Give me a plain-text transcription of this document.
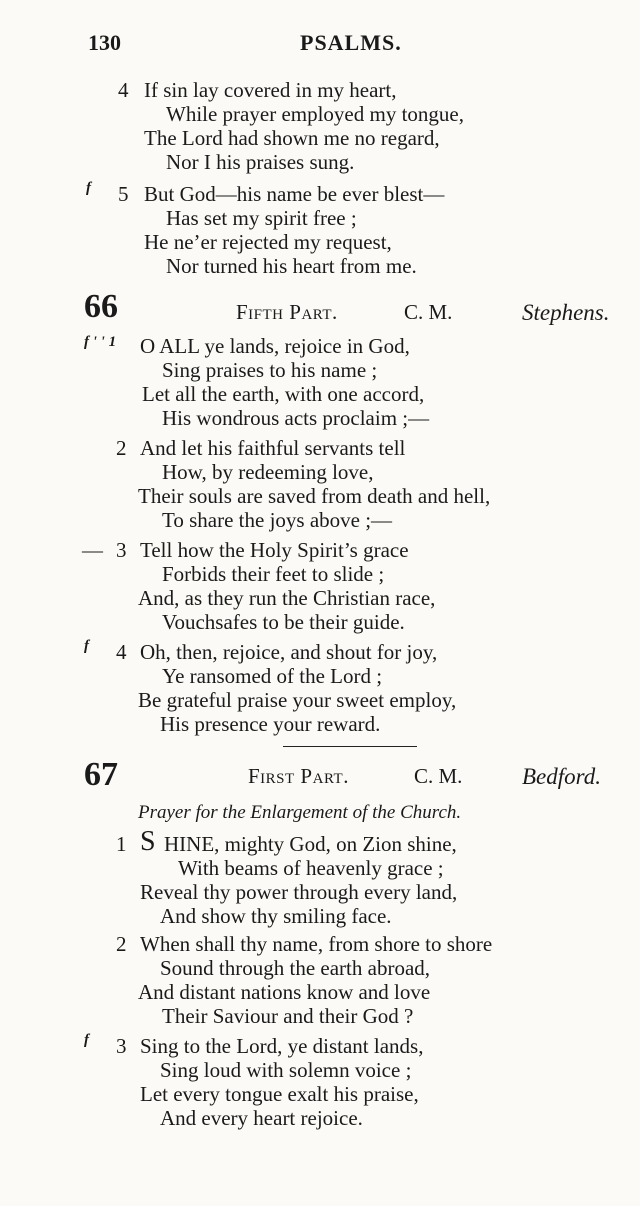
130	PSALMS.
4 If sin lay covered in my heart,
While prayer employed my tongue,
The Lord had shown me no regard,
Nor I his praises sung.
f 5 But God—his name be ever blest—
Has set my spirit free ;
He ne’er rejected my request,
Nor turned his heart from me.
66	Fifth Part.	C. M.	Stephens.
f ' ' 1 O ALL ye lands, rejoice in God,
Sing praises to his name ;
Let all the earth, with one accord,
His wondrous acts proclaim ;—
2 And let his faithful servants tell
How, by redeeming love,
Their souls are saved from death and hell,
To share the joys above ;—
— 3 Tell how the Holy Spirit’s grace
Forbids their feet to slide ;
And, as they run the Christian race,
Vouchsafes to be their guide.
f 4 Oh, then, rejoice, and shout for joy,
Ye ransomed of the Lord ;
Be grateful praise your sweet employ,
His presence your reward.
67	First Part.	C. M.	Bedford.
Prayer for the Enlargement of the Church.
1 S HINE, mighty God, on Zion shine,
With beams of heavenly grace ;
Reveal thy power through every land,
And show thy smiling face.
2 When shall thy name, from shore to shore
Sound through the earth abroad,
And distant nations know and love
Their Saviour and their God ?
f 3 Sing to the Lord, ye distant lands,
Sing loud with solemn voice ;
Let every tongue exalt his praise,
And every heart rejoice.
